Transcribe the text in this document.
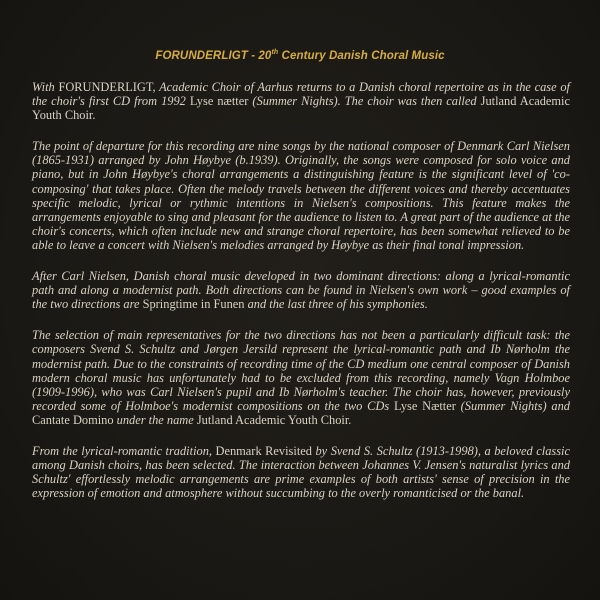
FORUNDERLIGT - 20th Century Danish Choral Music

With FORUNDERLIGT, Academic Choir of Aarhus returns to a Danish choral repertoire as in the case of the choir's first CD from 1992 Lyse nætter (Summer Nights). The choir was then called Jutland Academic Youth Choir.

The point of departure for this recording are nine songs by the national composer of Denmark Carl Nielsen (1865-1931) arranged by John Høybye (b.1939). Originally, the songs were composed for solo voice and piano, but in John Høybye's choral arrangements a distinguishing feature is the significant level of 'co-composing' that takes place. Often the melody travels between the different voices and thereby accentuates specific melodic, lyrical or rythmic intentions in Nielsen's compositions. This feature makes the arrangements enjoyable to sing and pleasant for the audience to listen to. A great part of the audience at the choir's concerts, which often include new and strange choral repertoire, has been somewhat relieved to be able to leave a concert with Nielsen's melodies arranged by Høybye as their final tonal impression.

After Carl Nielsen, Danish choral music developed in two dominant directions: along a lyrical-romantic path and along a modernist path. Both directions can be found in Nielsen's own work – good examples of the two directions are Springtime in Funen and the last three of his symphonies.

The selection of main representatives for the two directions has not been a particularly difficult task: the composers Svend S. Schultz and Jørgen Jersild represent the lyrical-romantic path and Ib Nørholm the modernist path. Due to the constraints of recording time of the CD medium one central composer of Danish modern choral music has unfortunately had to be excluded from this recording, namely Vagn Holmboe (1909-1996), who was Carl Nielsen's pupil and Ib Nørholm's teacher. The choir has, however, previously recorded some of Holmboe's modernist compositions on the two CDs Lyse Nætter (Summer Nights) and Cantate Domino under the name Jutland Academic Youth Choir.

From the lyrical-romantic tradition, Denmark Revisited by Svend S. Schultz (1913-1998), a beloved classic among Danish choirs, has been selected. The interaction between Johannes V. Jensen's naturalist lyrics and Schultz' effortlessly melodic arrangements are prime examples of both artists' sense of precision in the expression of emotion and atmosphere without succumbing to the overly romanticised or the banal.
